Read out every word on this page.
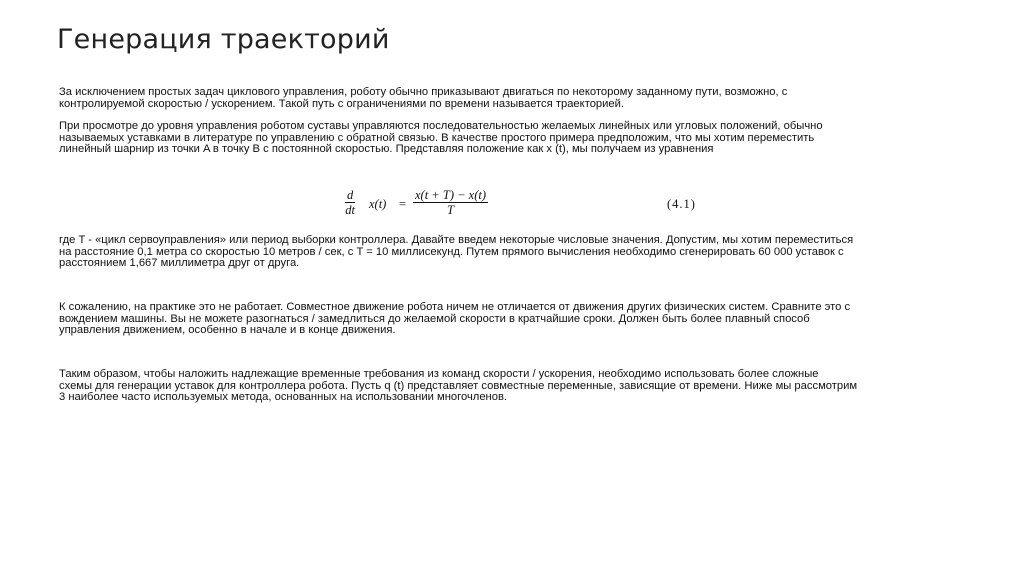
Генерация траекторий
За исключением простых задач циклового управления, роботу обычно приказывают двигаться по некоторому заданному пути, возможно, с
контролируемой скоростью / ускорением. Такой путь с ограничениями по времени называется траекторией.
При просмотре до уровня управления роботом суставы управляются последовательностью желаемых линейных или угловых положений, обычно
называемых уставками в литературе по управлению с обратной связью. В качестве простого примера предположим, что мы хотим переместить
линейный шарнир из точки A в точку B с постоянной скоростью. Представляя положение как x (t), мы получаем из уравнения
d
dt x(t) =
x(t + T) − x(t)
T	(4.1)
где T - «цикл сервоуправления» или период выборки контроллера. Давайте введем некоторые числовые значения. Допустим, мы хотим переместиться
на расстояние 0,1 метра со скоростью 10 метров / сек, с T = 10 миллисекунд. Путем прямого вычисления необходимо сгенерировать 60 000 уставок с
расстоянием 1,667 миллиметра друг от друга.
К сожалению, на практике это не работает. Совместное движение робота ничем не отличается от движения других физических систем. Сравните это с
вождением машины. Вы не можете разогнаться / замедлиться до желаемой скорости в кратчайшие сроки. Должен быть более плавный способ
управления движением, особенно в начале и в конце движения.
Таким образом, чтобы наложить надлежащие временные требования из команд скорости / ускорения, необходимо использовать более сложные
схемы для генерации уставок для контроллера робота. Пусть q (t) представляет совместные переменные, зависящие от времени. Ниже мы рассмотрим
3 наиболее часто используемых метода, основанных на использовании многочленов.
